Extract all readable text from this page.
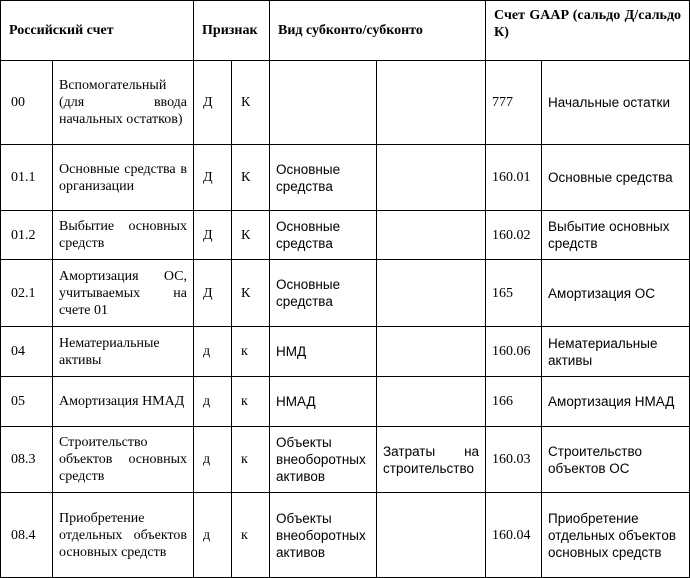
Российский счет		Признак		Вид субконто/субконто		Счет GAAP (сальдо Д/сальдо К)	
00	Вспомогательный (для ввода начальных остатков)	Д	К			777	Начальные остатки
01.1	Основные средства в организации	Д	К	Основные средства		160.01	Основные средства
01.2	Выбытие основных средств	Д	К	Основные средства		160.02	Выбытие основных средств
02.1	Амортизация ОС, учитываемых на счете 01	Д	К	Основные средства		165	Амортизация ОС
04	Нематериальные активы	д	к	НМД		160.06	Нематериальные активы
05	Амортизация НМАД	д	к	НМАД		166	Амортизация НМАД
08.3	Строительство объектов основных средств	д	к	Объекты внеоборотных активов	Затраты на строительство	160.03	Строительство объектов ОС
08.4	Приобретение отдельных объектов основных средств	д	к	Объекты внеоборотных активов		160.04	Приобретение отдельных объектов основных средств
